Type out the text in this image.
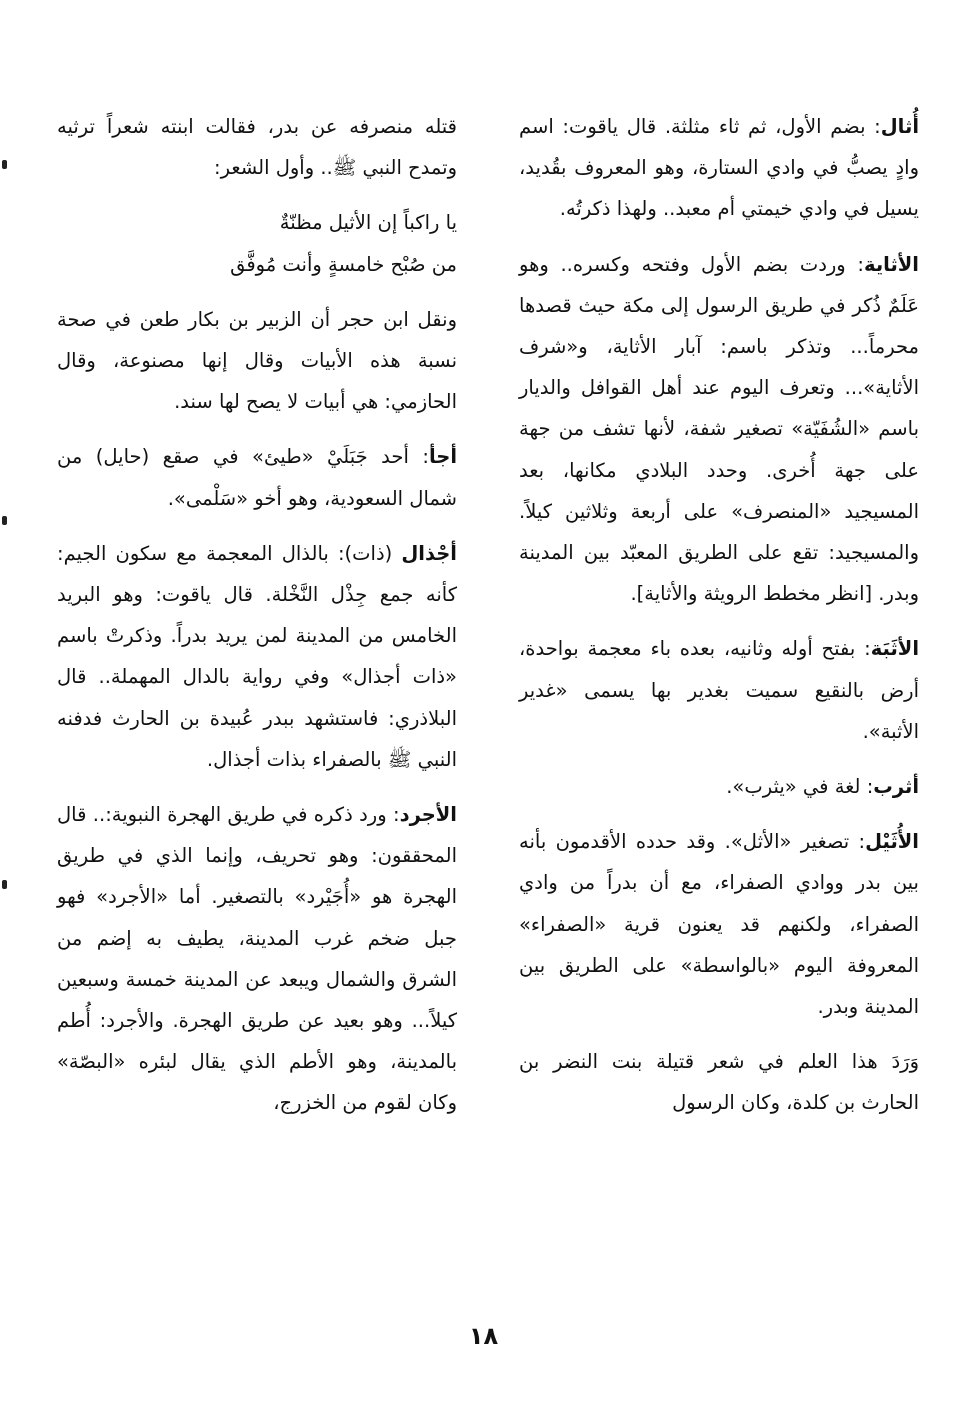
أُثال: بضم الأول، ثم ثاء مثلثة. قال ياقوت: اسم وادٍ يصبُّ في وادي الستارة، وهو المعروف بقُديد، يسيل في وادي خيمتي أم معبد.. ولهذا ذكرتُه.

الأثاية: وردت بضم الأول وفتحه وكسره.. وهو عَلَمٌ ذُكر في طريق الرسول إلى مكة حيث قصدها محرماً... وتذكر باسم: آبار الأثاية، و«شرف الأثاية»... وتعرف اليوم عند أهل القوافل والديار باسم «الشُفَيّة» تصغير شفة، لأنها تشف من جهة على جهة أُخرى. وحدد البلادي مكانها، بعد المسيجيد «المنصرف» على أربعة وثلاثين كيلاً. والمسيجيد: تقع على الطريق المعبّد بين المدينة وبدر. [انظر مخطط الرويثة والأثاية].

الأثَبَة: بفتح أوله وثانيه، بعده باء معجمة بواحدة، أرض بالنقيع سميت بغدير بها يسمى «غدير الأثبة».

أثرب: لغة في «يثرب».

الأُثَيْل: تصغير «الأثل». وقد حدده الأقدمون بأنه بين بدر ووادي الصفراء، مع أن بدراً من وادي الصفراء، ولكنهم قد يعنون قرية «الصفراء» المعروفة اليوم «بالواسطة» على الطريق بين المدينة وبدر.

وَرَدَ هذا العلم في شعر قتيلة بنت النضر بن الحارث بن كلدة، وكان الرسول

قتله منصرفه عن بدر، فقالت ابنته شعراً ترثيه وتمدح النبي ﷺ.. وأول الشعر:

يا راكباً إن الأثيل مظنّةٌ
من صُبْح خامسةٍ وأنت مُوفَّق

ونقل ابن حجر أن الزبير بن بكار طعن في صحة نسبة هذه الأبيات وقال إنها مصنوعة، وقال الحازمي: هي أبيات لا يصح لها سند.

أجأ: أحد جَبَلَيْ «طيئ» في صقع (حايل) من شمال السعودية، وهو أخو «سَلْمى».

أجْذال (ذات): بالذال المعجمة مع سكون الجيم: كأنه جمع جِذْل النَّخْلة. قال ياقوت: وهو البريد الخامس من المدينة لمن يريد بدراً. وذكرتْ باسم «ذات أجذال» وفي رواية بالدال المهملة.. قال البلاذري: فاستشهد ببدر عُبيدة بن الحارث فدفنه النبي ﷺ بالصفراء بذات أجذال.

الأجرد: ورد ذكره في طريق الهجرة النبوية:.. قال المحققون: وهو تحريف، وإنما الذي في طريق الهجرة هو «أُجَيْرد» بالتصغير. أما «الأجرد» فهو جبل ضخم غرب المدينة، يطيف به إضم من الشرق والشمال ويبعد عن المدينة خمسة وسبعين كيلاً... وهو بعيد عن طريق الهجرة. والأجرد: أُطم بالمدينة، وهو الأطم الذي يقال لبئره «البصّة» وكان لقوم من الخزرج،

١٨
